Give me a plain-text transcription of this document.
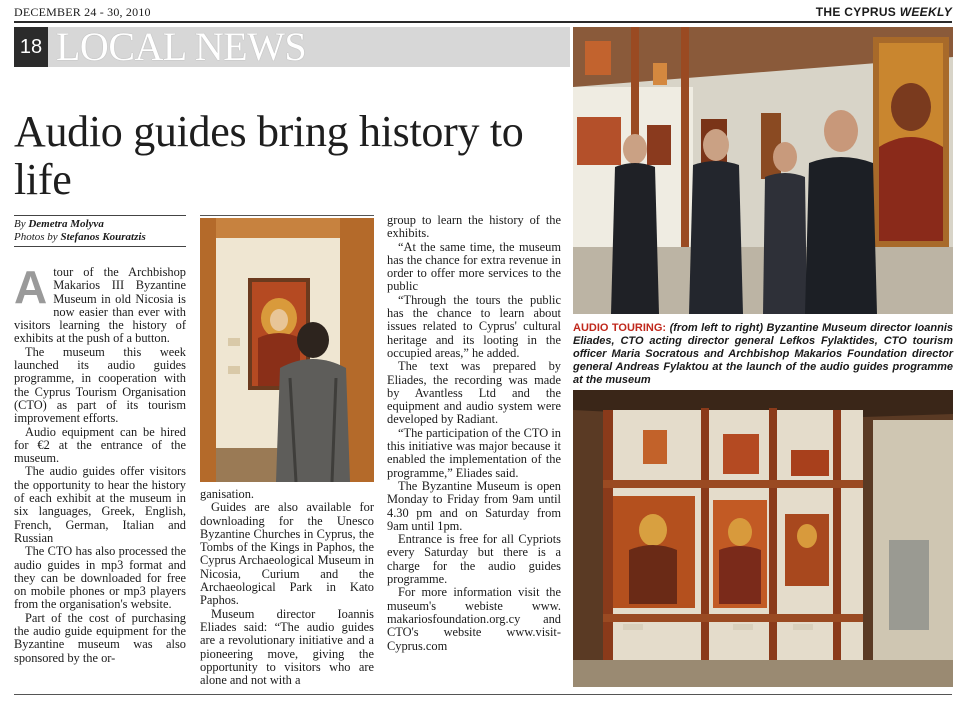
DECEMBER 24 - 30, 2010	THE CYPRUS WEEKLY
18 LOCAL NEWS
Audio guides bring history to life
By Demetra Molyva
Photos by Stefanos Kouratzis
A tour of the Archbishop Makarios III Byzantine Museum in old Nicosia is now easier than ever with visitors learning the history of exhibits at the push of a button.

The museum this week launched its audio guides programme, in cooperation with the Cyprus Tourism Organisation (CTO) as part of its tourism improvement efforts.

Audio equipment can be hired for €2 at the entrance of the museum.

The audio guides offer visitors the opportunity to hear the history of each exhibit at the museum in six languages, Greek, English, French, German, Italian and Russian

The CTO has also processed the audio guides in mp3 format and they can be downloaded for free on mobile phones or mp3 players from the organisation's website.

Part of the cost of purchasing the audio guide equipment for the Byzantine museum was also sponsored by the or-

ganisation.

Guides are also available for downloading for the Unesco Byzantine Churches in Cyprus, the Tombs of the Kings in Paphos, the Cyprus Archaeological Museum in Nicosia, Curium and the Archaeological Park in Kato Paphos.

Museum director Ioannis Eliades said: “The audio guides are a revolutionary initiative and a pioneering move, giving the opportunity to visitors who are alone and not with a

group to learn the history of the exhibits.

“At the same time, the museum has the chance for extra revenue in order to offer more services to the public

“Through the tours the public has the chance to learn about issues related to Cyprus' cultural heritage and its looting in the occupied areas,” he added.

The text was prepared by Eliades, the recording was made by Avantless Ltd and the equipment and audio system were developed by Radiant.

“The participation of the CTO in this initiative was major because it enabled the implementation of the programme,” Eliades said.

The Byzantine Museum is open Monday to Friday from 9am until 4.30 pm and on Saturday from 9am until 1pm.

Entrance is free for all Cypriots every Saturday but there is a charge for the audio guides programme.

For more information visit the museum's webiste www. makariosfoundation.org.cy and CTO's website www.visit-Cyprus.com

AUDIO TOURING: (from left to right) Byzantine Museum director Ioannis Eliades, CTO acting director general Lefkos Fylaktides, CTO tourism officer Maria Socratous and Archbishop Makarios Foundation director general Andreas Fylaktou at the launch of the audio guides programme at the museum
